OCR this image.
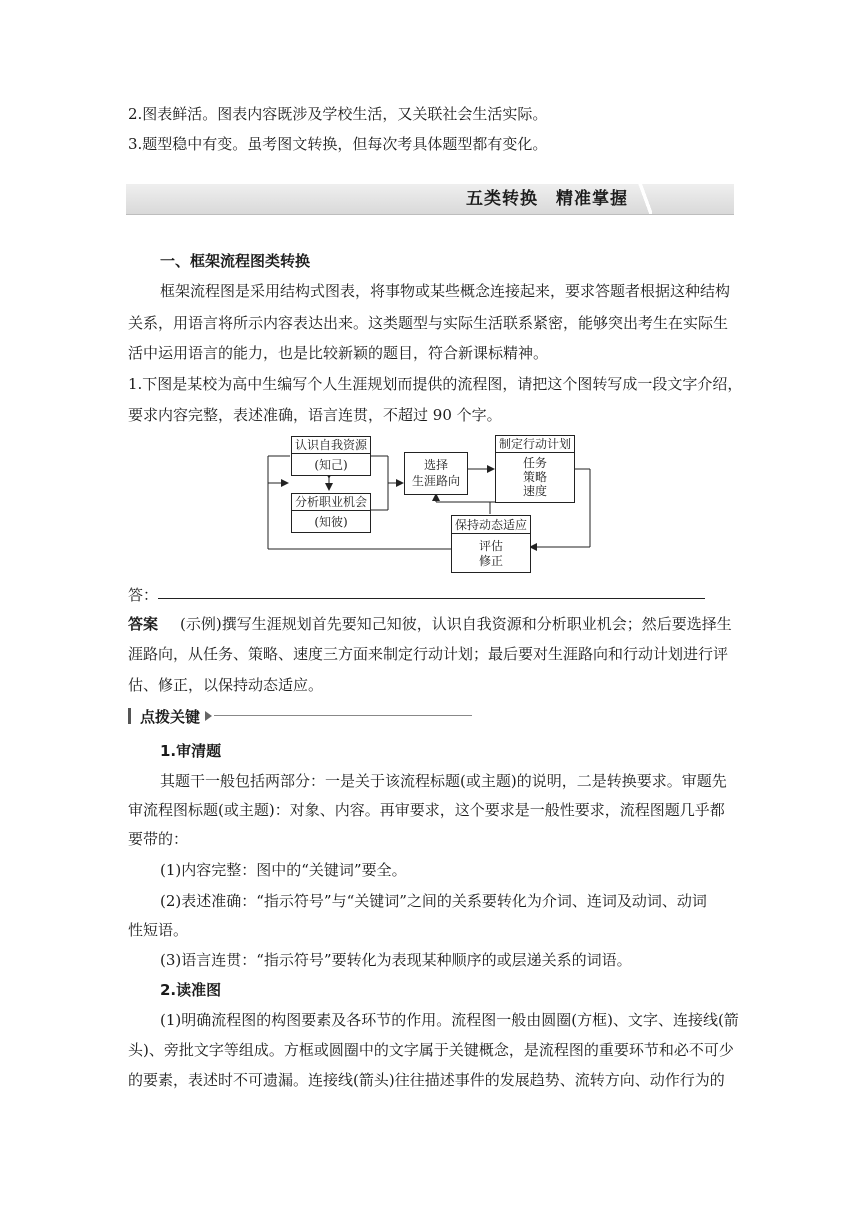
2.图表鲜活。图表内容既涉及学校生活，又关联社会生活实际。
3.题型稳中有变。虽考图文转换，但每次考具体题型都有变化。
五类转换　精准掌握
一、框架流程图类转换
框架流程图是采用结构式图表，将事物或某些概念连接起来，要求答题者根据这种结构
关系，用语言将所示内容表达出来。这类题型与实际生活联系紧密，能够突出考生在实际生
活中运用语言的能力，也是比较新颖的题目，符合新课标精神。
1.下图是某校为高中生编写个人生涯规划而提供的流程图，请把这个图转写成一段文字介绍，
要求内容完整，表述准确，语言连贯，不超过 90 个字。
认识自我资源
(知己)
分析职业机会
(知彼)
选择
生涯路向
制定行动计划
任务
策略
速度
保持动态适应
评估
修正
答：
答案 (示例)撰写生涯规划首先要知己知彼，认识自我资源和分析职业机会；然后要选择生
涯路向，从任务、策略、速度三方面来制定行动计划；最后要对生涯路向和行动计划进行评
估、修正，以保持动态适应。
点拨关键
1.审清题
其题干一般包括两部分：一是关于该流程标题(或主题)的说明，二是转换要求。审题先
审流程图标题(或主题)：对象、内容。再审要求，这个要求是一般性要求，流程图题几乎都
要带的：
(1)内容完整：图中的“关键词”要全。
(2)表述准确：“指示符号”与“关键词”之间的关系要转化为介词、连词及动词、动词
性短语。
(3)语言连贯：“指示符号”要转化为表现某种顺序的或层递关系的词语。
2.读准图
(1)明确流程图的构图要素及各环节的作用。流程图一般由圆圈(方框)、文字、连接线(箭
头)、旁批文字等组成。方框或圆圈中的文字属于关键概念，是流程图的重要环节和必不可少
的要素，表述时不可遗漏。连接线(箭头)往往描述事件的发展趋势、流转方向、动作行为的
